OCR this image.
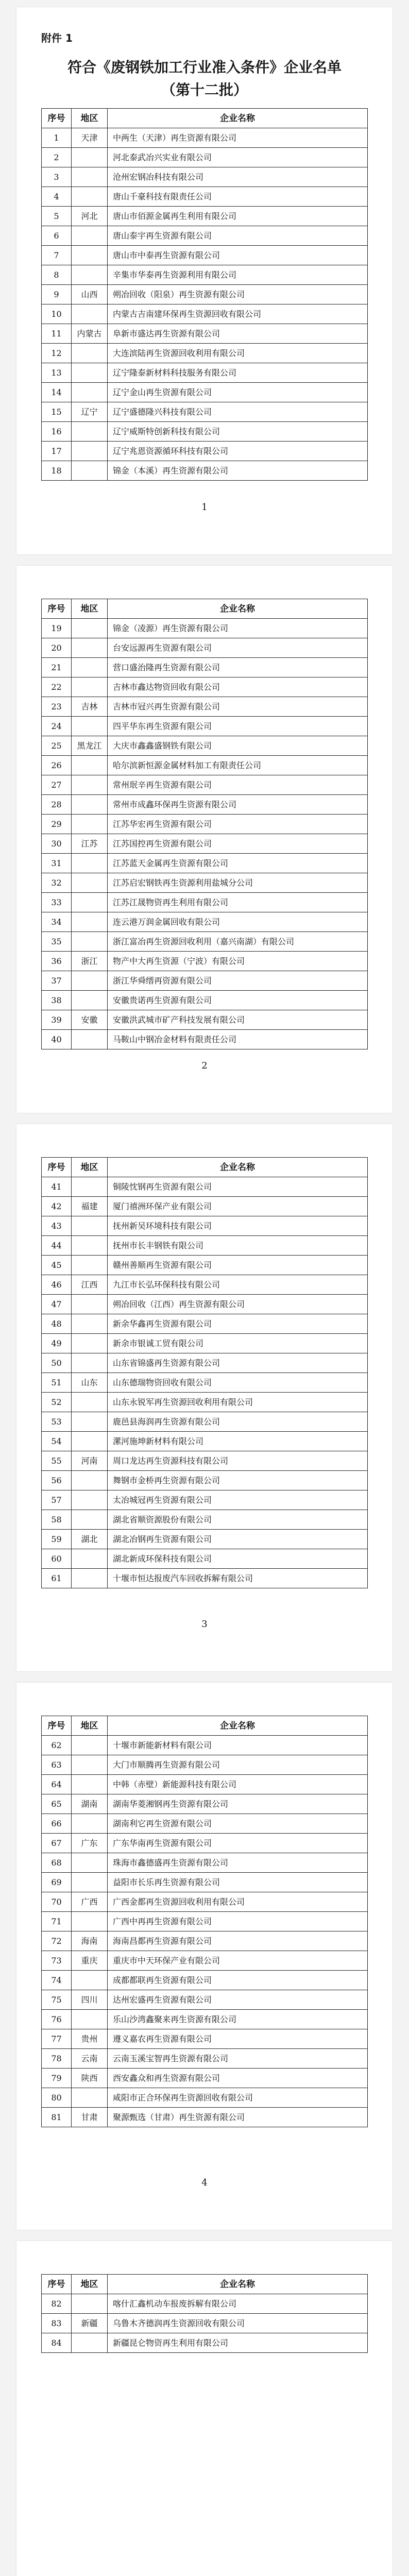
附件 1
符合《废钢铁加工行业准入条件》企业名单
（第十二批）
序号	地区	企业名称
1	天津	中两生（天津）再生资源有限公司
2		河北泰武冶兴实业有限公司
3		沧州宏钢冶科技有限公司
4		唐山千豪科技有限责任公司
5	河北	唐山市佰源金属再生利用有限公司
6		唐山泰宇再生资源有限公司
7		唐山市中泰再生资源有限公司
8		辛集市华泰再生资源利用有限公司
9	山西	朔冶回收（阳泉）再生资源有限公司
10		内蒙古吉南建环保再生资源回收有限公司
11	内蒙古	阜新市盛达再生资源有限公司
12		大连滨陆再生资源回收利用有限公司
13		辽宁隆泰新材料科技服务有限公司
14		辽宁金山再生资源有限公司
15	辽宁	辽宁盛德隆兴科技有限公司
16		辽宁威斯特创新科技有限公司
17		辽宁兆恩资源循环科技有限公司
18		锦金（本溪）再生资源有限公司
1
序号	地区	企业名称
19		锦金（凌源）再生资源有限公司
20		台安远源再生资源有限公司
21		营口盛治隆再生资源有限公司
22		吉林市鑫达物资回收有限公司
23	吉林	吉林市冠兴再生资源有限公司
24		四平华东再生资源有限公司
25	黑龙江	大庆市鑫鑫盛钢铁有限公司
26		哈尔滨新恒源金属材料加工有限责任公司
27		常州珉辛再生资源有限公司
28		常州市成鑫环保再生资源有限公司
29		江苏华宏再生资源有限公司
30	江苏	江苏国控再生资源有限公司
31		江苏蓝天金属再生资源有限公司
32		江苏启宏钢铁再生资源利用盐城分公司
33		江苏江晟物资再生利用有限公司
34		连云港万润金属回收有限公司
35		浙江富冶再生资源回收利用（嘉兴南湖）有限公司
36	浙江	物产中大再生资源（宁波）有限公司
37		浙江华舜缙再资源有限公司
38		安徽贵诺再生资源有限公司
39	安徽	安徽洪武城市矿产科技发展有限公司
40		马鞍山中钢冶金材料有限责任公司
2
序号	地区	企业名称
41		铜陵忱钢再生资源有限公司
42	福建	厦门禧洲环保产业有限公司
43		抚州新吴环境科技有限公司
44		抚州市长丰钢铁有限公司
45		赣州善顺再生资源有限公司
46	江西	九江市长弘环保科技有限公司
47		朔冶回收（江西）再生资源有限公司
48		新余华鑫再生资源有限公司
49		新余市银诚工贸有限公司
50		山东省锦盛再生资源有限公司
51	山东	山东德瑞物资回收有限公司
52		山东永锐军再生资源回收利用有限公司
53		鹿邑县海润再生资源有限公司
54		漯河施坤新材料有限公司
55	河南	周口龙达再生资源科技有限公司
56		舞钢市金桥再生资源有限公司
57		太冶城冠再生资源有限公司
58		湖北省顺资源股份有限公司
59	湖北	湖北冶钢再生资源有限公司
60		湖北新成环保科技有限公司
61		十堰市恒达报废汽车回收拆解有限公司
3
序号	地区	企业名称
62		十堰市新能新材料有限公司
63		大门市顺腾再生资源有限公司
64		中韩（赤壁）新能源科技有限公司
65	湖南	湖南华菱湘钢再生资源有限公司
66		湖南利它再生资源有限公司
67	广东	广东华南再生资源有限公司
68		珠海市鑫德盛再生资源有限公司
69		益阳市长乐再生资源有限公司
70	广西	广西金都再生资源回收利用有限公司
71		广西中再再生资源有限公司
72	海南	海南昌都再生资源有限公司
73	重庆	重庆市中天环保产业有限公司
74		成都都联再生资源有限公司
75	四川	达州宏盛再生资源有限公司
76		乐山沙湾鑫聚来再生资源有限公司
77	贵州	遵义嘉农再生资源有限公司
78	云南	云南玉溪宝智再生资源有限公司
79	陕西	西安鑫众和再生资源有限公司
80		咸阳市正合环保再生资源回收有限公司
81	甘肃	聚源甄选（甘肃）再生资源有限公司
4
序号	地区	企业名称
82		喀什汇鑫机动车报废拆解有限公司
83	新疆	乌鲁木齐德润再生资源回收有限公司
84		新疆昆仑物资再生利用有限公司
